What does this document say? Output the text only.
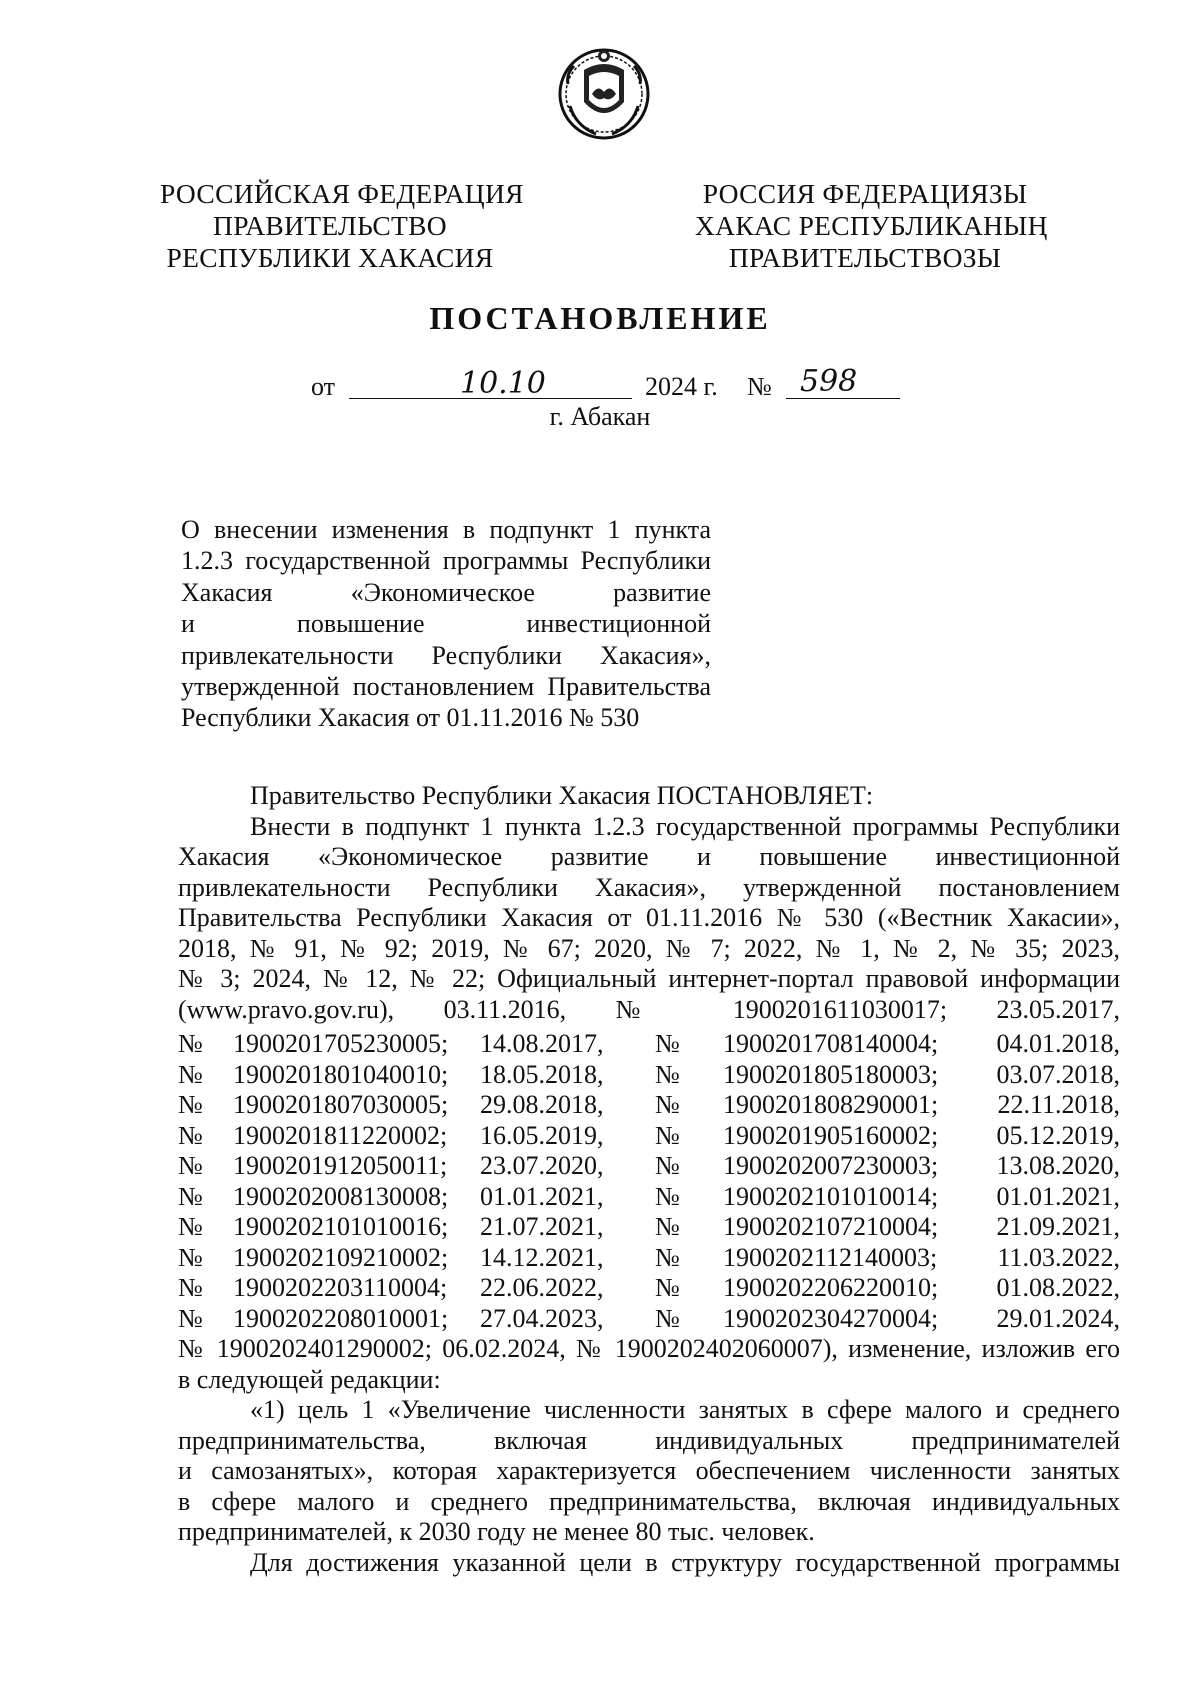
РОССИЙСКАЯ ФЕДЕРАЦИЯ
ПРАВИТЕЛЬСТВО
РЕСПУБЛИКИ ХАКАСИЯ
РОССИЯ ФЕДЕРАЦИЯЗЫ
ХАКАС РЕСПУБЛИКАНЫҢ
ПРАВИТЕЛЬСТВОЗЫ
ПОСТАНОВЛЕНИЕ
от	10.10	2024 г. № 598
г. Абакан
О внесении изменения в подпункт 1 пункта
1.2.3 государственной программы Республики
Хакасия «Экономическое развитие
и повышение инвестиционной
привлекательности Республики Хакасия»,
утвержденной постановлением Правительства
Республики Хакасия от 01.11.2016 № 530
Правительство Республики Хакасия ПОСТАНОВЛЯЕТ:
Внести в подпункт 1 пункта 1.2.3 государственной программы Республики
Хакасия «Экономическое развитие и повышение инвестиционной
привлекательности Республики Хакасия», утвержденной постановлением
Правительства Республики Хакасия от 01.11.2016 № 530 («Вестник Хакасии»,
2018, № 91, № 92; 2019, № 67; 2020, № 7; 2022, № 1, № 2, № 35; 2023,
№ 3; 2024, № 12, № 22; Официальный интернет-портал правовой информации
(www.pravo.gov.ru), 03.11.2016, № 1900201611030017; 23.05.2017,
№	1900201705230005;	14.08.2017,	№	1900201708140004;	04.01.2018,
№	1900201801040010;	18.05.2018,	№	1900201805180003;	03.07.2018,
№	1900201807030005;	29.08.2018,	№	1900201808290001;	22.11.2018,
№	1900201811220002;	16.05.2019,	№	1900201905160002;	05.12.2019,
№	1900201912050011;	23.07.2020,	№	1900202007230003;	13.08.2020,
№	1900202008130008;	01.01.2021,	№	1900202101010014;	01.01.2021,
№	1900202101010016;	21.07.2021,	№	1900202107210004;	21.09.2021,
№	1900202109210002;	14.12.2021,	№	1900202112140003;	11.03.2022,
№	1900202203110004;	22.06.2022,	№	1900202206220010;	01.08.2022,
№	1900202208010001;	27.04.2023,	№	1900202304270004;	29.01.2024,
№ 1900202401290002; 06.02.2024, № 1900202402060007), изменение, изложив его
в следующей редакции:
«1) цель 1 «Увеличение численности занятых в сфере малого и среднего
предпринимательства, включая индивидуальных предпринимателей
и самозанятых», которая характеризуется обеспечением численности занятых
в сфере малого и среднего предпринимательства, включая индивидуальных
предпринимателей, к 2030 году не менее 80 тыс. человек.
Для достижения указанной цели в структуру государственной программы
